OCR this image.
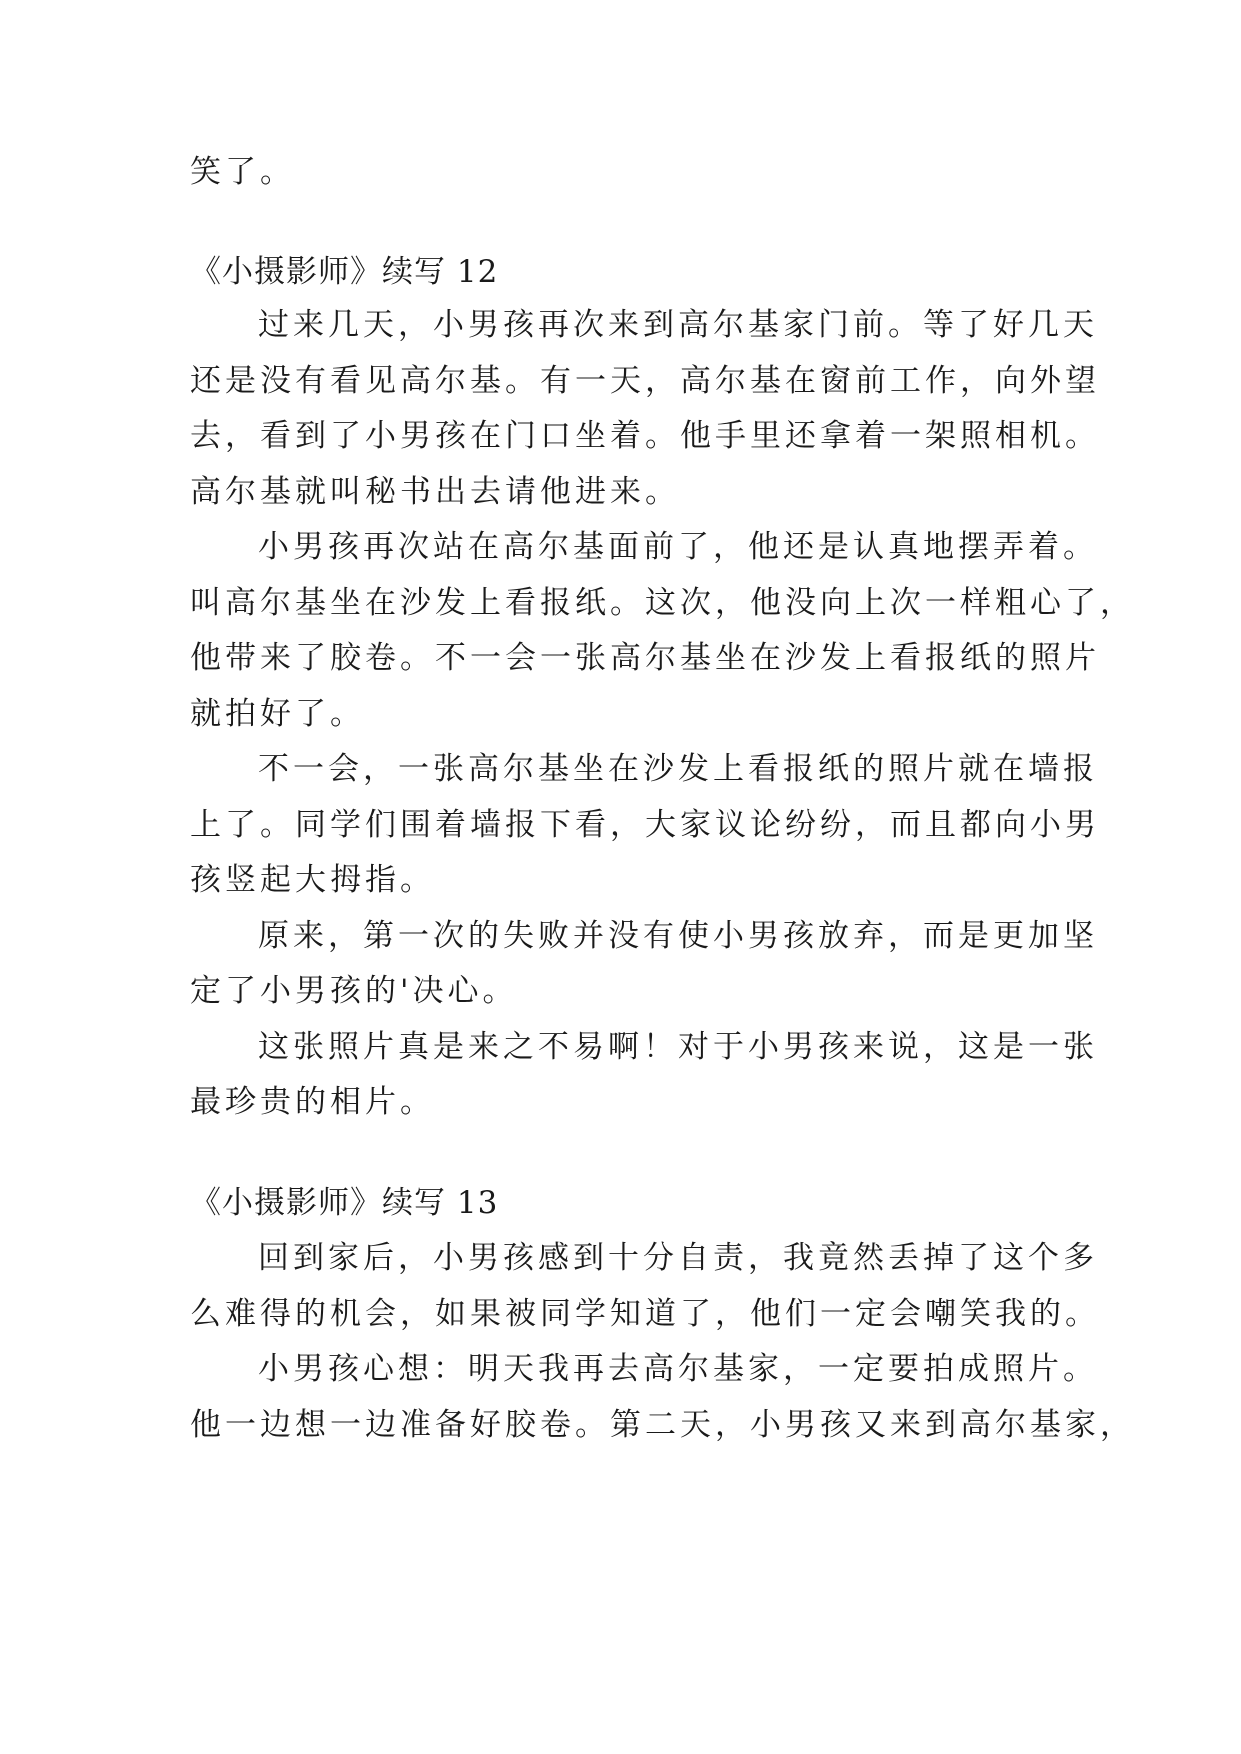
笑了。
《小摄影师》续写 12
过来几天，小男孩再次来到高尔基家门前。等了好几天
还是没有看见高尔基。有一天，高尔基在窗前工作，向外望
去，看到了小男孩在门口坐着。他手里还拿着一架照相机。
高尔基就叫秘书出去请他进来。
小男孩再次站在高尔基面前了，他还是认真地摆弄着。
叫高尔基坐在沙发上看报纸。这次，他没向上次一样粗心了，
他带来了胶卷。不一会一张高尔基坐在沙发上看报纸的照片
就拍好了。
不一会，一张高尔基坐在沙发上看报纸的照片就在墙报
上了。同学们围着墙报下看，大家议论纷纷，而且都向小男
孩竖起大拇指。
原来，第一次的失败并没有使小男孩放弃，而是更加坚
定了小男孩的'决心。
这张照片真是来之不易啊！对于小男孩来说，这是一张
最珍贵的相片。
《小摄影师》续写 13
回到家后，小男孩感到十分自责，我竟然丢掉了这个多
么难得的机会，如果被同学知道了，他们一定会嘲笑我的。
小男孩心想：明天我再去高尔基家，一定要拍成照片。
他一边想一边准备好胶卷。第二天，小男孩又来到高尔基家，
